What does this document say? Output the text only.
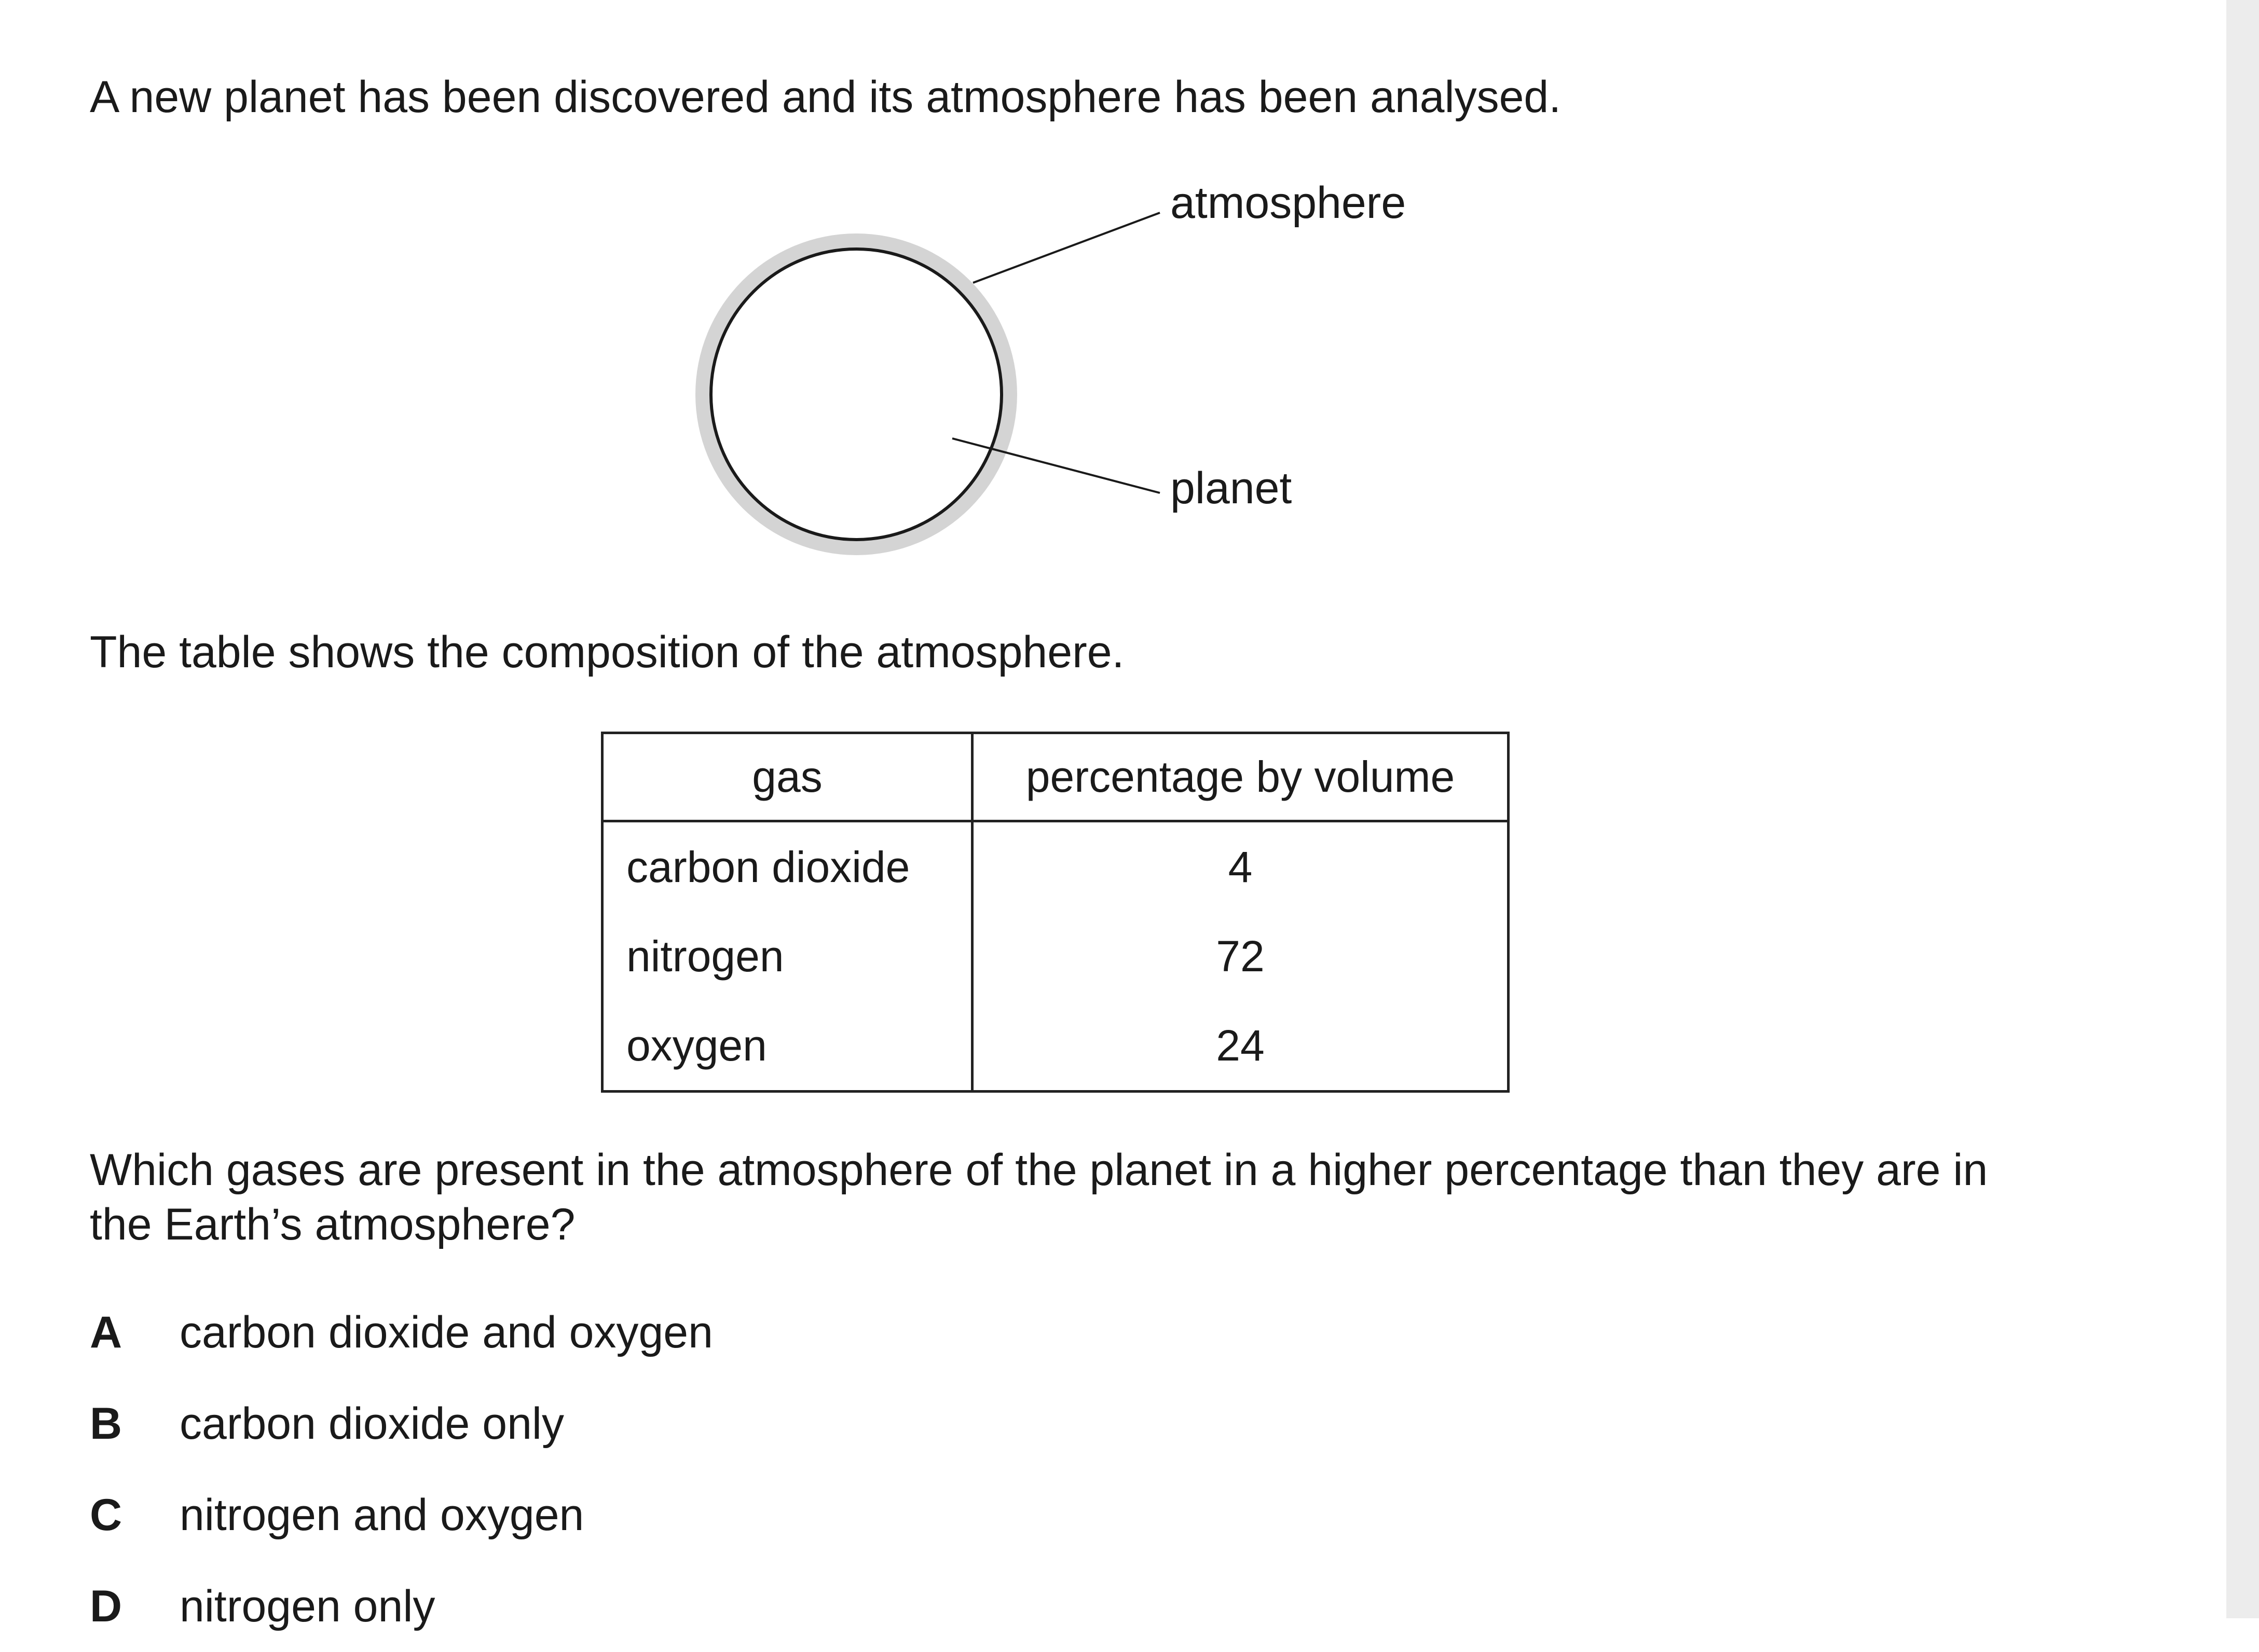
A new planet has been discovered and its atmosphere has been analysed.

atmosphere
planet

The table shows the composition of the atmosphere.

gas	percentage by volume
carbon dioxide	4
nitrogen	72
oxygen	24

Which gases are present in the atmosphere of the planet in a higher percentage than they are in

the Earth’s atmosphere?

A	carbon dioxide and oxygen
B	carbon dioxide only
C	nitrogen and oxygen
D	nitrogen only
